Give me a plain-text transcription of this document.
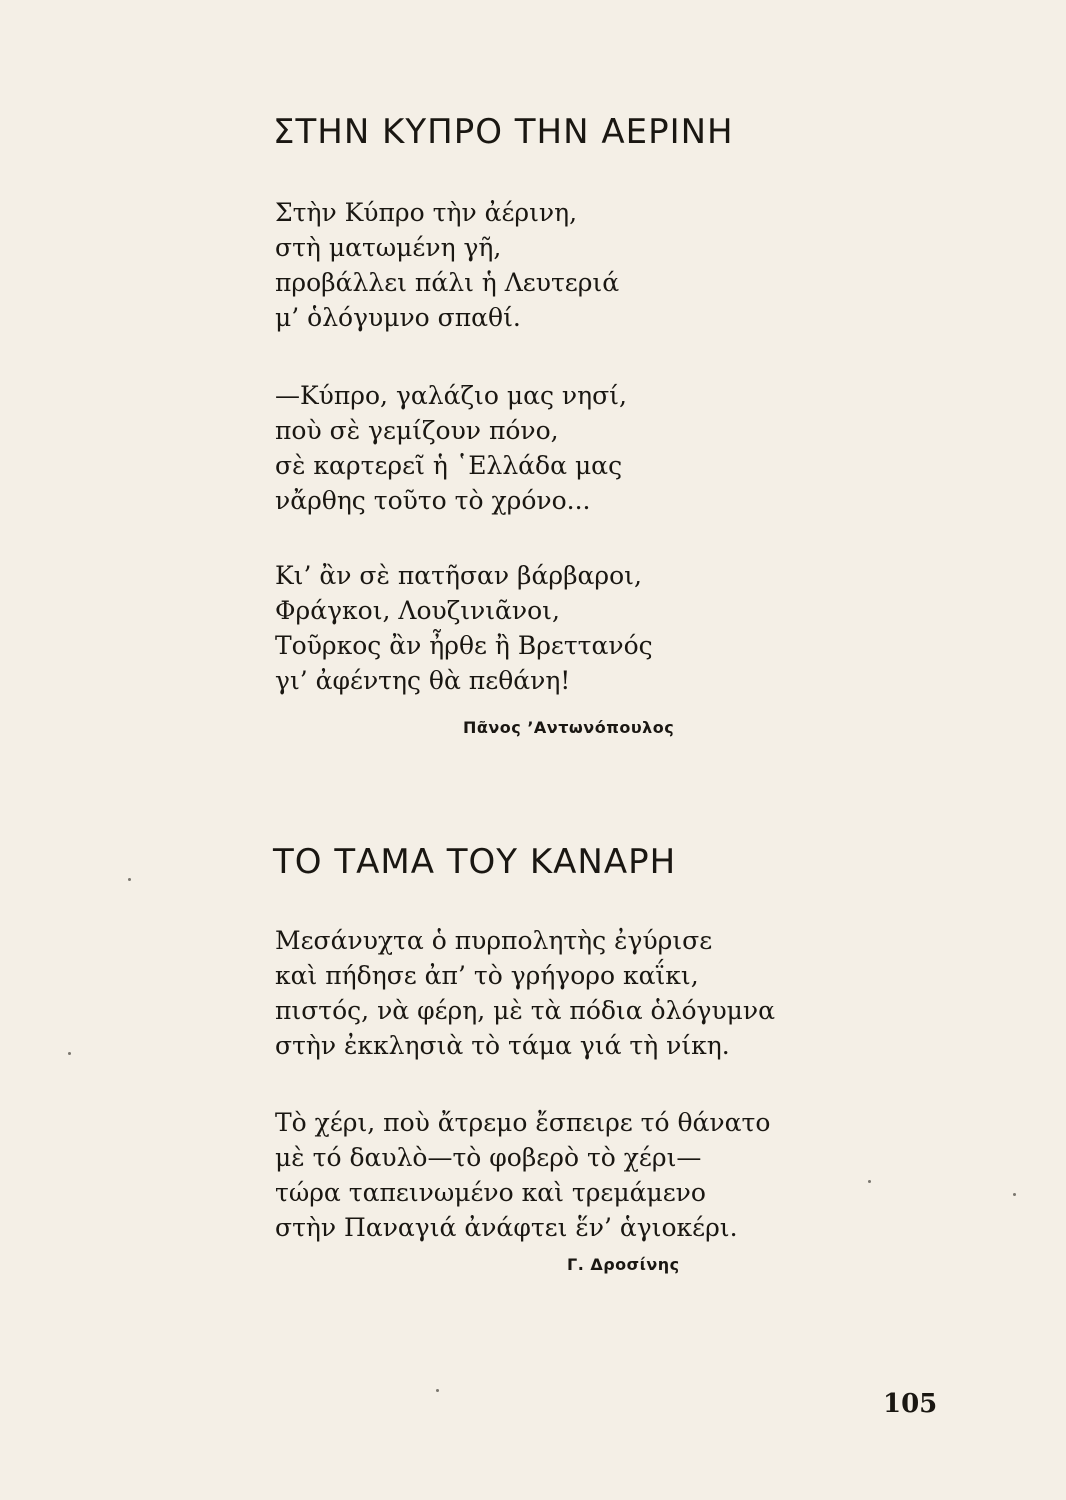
ΣΤΗΝ ΚΥΠΡΟ ΤΗΝ ΑΕΡΙΝΗ
Στὴν Κύπρο τὴν ἀέρινη,
στὴ ματωμένη γῆ,
προβάλλει πάλι ἡ Λευτεριά
μ’ ὁλόγυμνο σπαθί.
—Κύπρο, γαλάζιο μας νησί,
ποὺ σὲ γεμίζουν πόνο,
σὲ καρτερεῖ ἡ ῾Ελλάδα μας
νἄρθης τοῦτο τὸ χρόνο...
Κι’ ἂν σὲ πατῆσαν βάρβαροι,
Φράγκοι, Λουζινιᾶνοι,
Τοῦρκος ἂν ἦρθε ἢ Βρεττανός
γι’ ἀφέντης θὰ πεθάνη!
Πᾶνος ’Αντωνόπουλος
ΤΟ ΤΑΜΑ ΤΟΥ ΚΑΝΑΡΗ
Μεσάνυχτα ὁ πυρπολητὴς ἐγύρισε
καὶ πήδησε ἀπ’ τὸ γρήγορο καΐκι,
πιστός, νὰ φέρη, μὲ τὰ πόδια ὁλόγυμνα
στὴν ἐκκλησιὰ τὸ τάμα γιά τὴ νίκη.
Τὸ χέρι, ποὺ ἄτρεμο ἔσπειρε τό θάνατο
μὲ τό δαυλὸ—τὸ φοβερὸ τὸ χέρι—
τώρα ταπεινωμένο καὶ τρεμάμενο
στὴν Παναγιά ἀνάφτει ἕν’ ἁγιοκέρι.
Γ. Δροσίνης
105
